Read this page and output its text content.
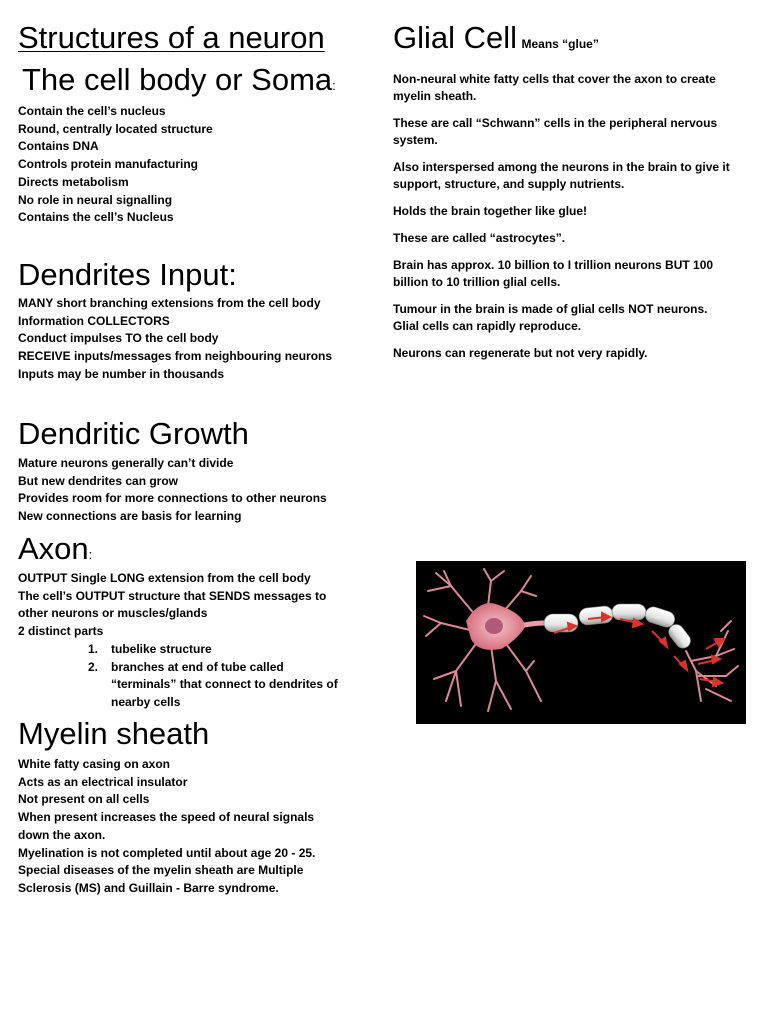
Structures of a neuron
The cell body or Soma:
Contain the cell’s nucleus
Round, centrally located structure
Contains DNA
Controls protein manufacturing
Directs metabolism
No role in neural signalling
Contains the cell’s Nucleus
Dendrites Input:
MANY short branching extensions from the cell body
Information COLLECTORS
Conduct impulses TO the cell body
RECEIVE inputs/messages from neighbouring neurons
Inputs may be number in thousands
Dendritic Growth
Mature neurons generally can’t divide
But new dendrites can grow
Provides room for more connections to other neurons
New connections are basis for learning
Axon:
OUTPUT Single LONG extension from the cell body
The cell’s OUTPUT structure that SENDS messages to
other neurons or muscles/glands
2 distinct parts
1. tubelike structure
2. branches at end of tube called “terminals” that connect to dendrites of nearby cells
Myelin sheath
White fatty casing on axon
Acts as an electrical insulator
Not present on all cells
When present increases the speed of neural signals
down the axon.
Myelination is not completed until about age 20 - 25.
Special diseases of the myelin sheath are Multiple
Sclerosis (MS) and Guillain - Barre syndrome.
Glial Cell Means “glue”

Non-neural white fatty cells that cover the axon to create myelin sheath.

These are call “Schwann” cells in the peripheral nervous system.

Also interspersed among the neurons in the brain to give it support, structure, and supply nutrients.

Holds the brain together like glue!

These are called “astrocytes”.

Brain has approx. 10 billion to I trillion neurons BUT 100 billion to 10 trillion glial cells.

Tumour in the brain is made of glial cells NOT neurons. Glial cells can rapidly reproduce.

Neurons can regenerate but not very rapidly.
